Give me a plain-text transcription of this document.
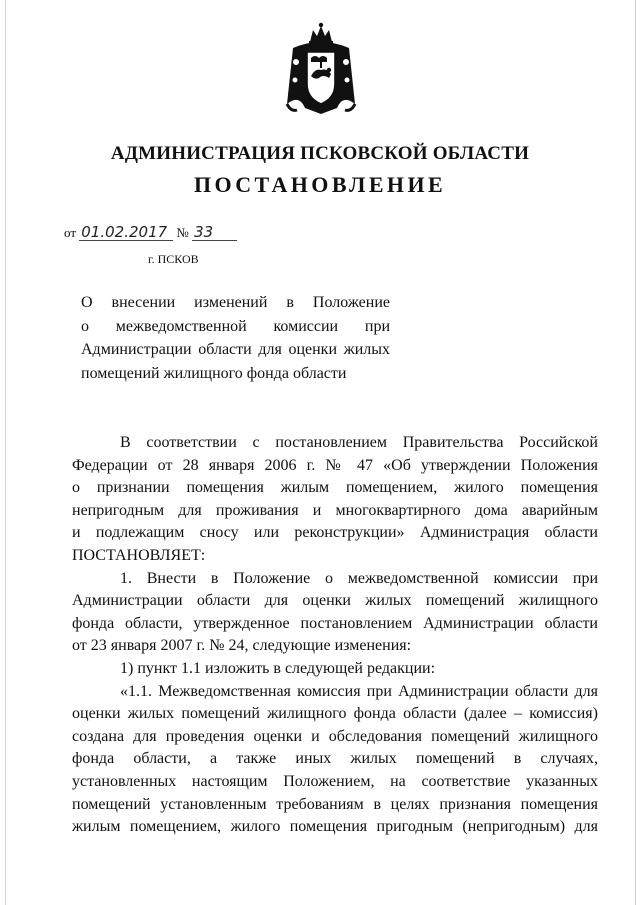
АДМИНИСТРАЦИЯ ПСКОВСКОЙ ОБЛАСТИ
ПОСТАНОВЛЕНИЕ
от 01.02.2017 № 33
г. ПСКОВ
О внесении изменений в Положение
о межведомственной комиссии при
Администрации области для оценки жилых
помещений жилищного фонда области
В соответствии с постановлением Правительства Российской
Федерации от 28 января 2006 г. № 47 «Об утверждении Положения
о признании помещения жилым помещением, жилого помещения
непригодным для проживания и многоквартирного дома аварийным
и подлежащим сносу или реконструкции» Администрация области
ПОСТАНОВЛЯЕТ:
1. Внести в Положение о межведомственной комиссии при
Администрации области для оценки жилых помещений жилищного
фонда области, утвержденное постановлением Администрации области
от 23 января 2007 г. № 24, следующие изменения:
1) пункт 1.1 изложить в следующей редакции:
«1.1. Межведомственная комиссия при Администрации области для
оценки жилых помещений жилищного фонда области (далее – комиссия)
создана для проведения оценки и обследования помещений жилищного
фонда области, а также иных жилых помещений в случаях,
установленных настоящим Положением, на соответствие указанных
помещений установленным требованиям в целях признания помещения
жилым помещением, жилого помещения пригодным (непригодным) для
